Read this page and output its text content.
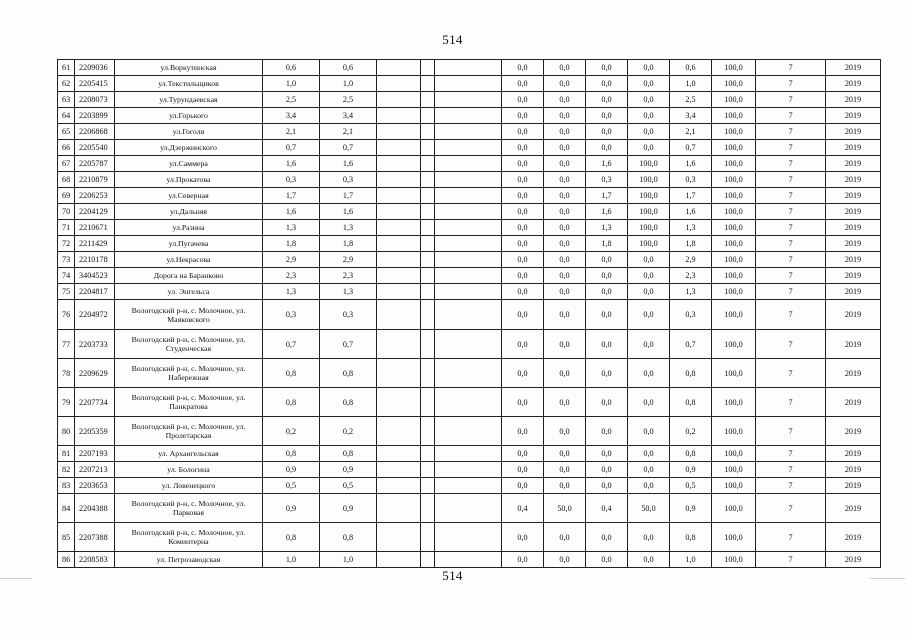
514
61	2209036	ул.Воркутинская	0,6	0,6				0,0	0,0	0,0	0,0	0,6	100,0	7	2019
62	2205415	ул.Текстильщиков	1,0	1,0				0,0	0,0	0,0	0,0	1,0	100,0	7	2019
63	2208073	ул.Турундаевская	2,5	2,5				0,0	0,0	0,0	0,0	2,5	100,0	7	2019
64	2203899	ул.Горького	3,4	3,4				0,0	0,0	0,0	0,0	3,4	100,0	7	2019
65	2206868	ул.Гоголя	2,1	2,1				0,0	0,0	0,0	0,0	2,1	100,0	7	2019
66	2205540	ул.Дзержинского	0,7	0,7				0,0	0,0	0,0	0,0	0,7	100,0	7	2019
67	2205787	ул.Саммера	1,6	1,6				0,0	0,0	1,6	100,0	1,6	100,0	7	2019
68	2210879	ул.Прокатова	0,3	0,3				0,0	0,0	0,3	100,0	0,3	100,0	7	2019
69	2206253	ул.Северная	1,7	1,7				0,0	0,0	1,7	100,0	1,7	100,0	7	2019
70	2204129	ул.Дальняя	1,6	1,6				0,0	0,0	1,6	100,0	1,6	100,0	7	2019
71	2210671	ул.Разина	1,3	1,3				0,0	0,0	1,3	100,0	1,3	100,0	7	2019
72	2211429	ул.Пугачева	1,8	1,8				0,0	0,0	1,8	100,0	1,8	100,0	7	2019
73	2210178	ул.Некрасова	2,9	2,9				0,0	0,0	0,0	0,0	2,9	100,0	7	2019
74	3404523	Дорога на Баранково	2,3	2,3				0,0	0,0	0,0	0,0	2,3	100,0	7	2019
75	2204817	ул. Энгельса	1,3	1,3				0,0	0,0	0,0	0,0	1,3	100,0	7	2019
76	2204972	Вологодский р-н, с. Молочное, ул. Маяковского	0,3	0,3				0,0	0,0	0,0	0,0	0,3	100,0	7	2019
77	2203733	Вологодский р-н, с. Молочное, ул. Студенческая	0,7	0,7				0,0	0,0	0,0	0,0	0,7	100,0	7	2019
78	2209629	Вологодский р-н, с. Молочное, ул. Набережная	0,8	0,8				0,0	0,0	0,0	0,0	0,8	100,0	7	2019
79	2207734	Вологодский р-н, с. Молочное, ул. Панкратова	0,8	0,8				0,0	0,0	0,0	0,0	0,8	100,0	7	2019
80	2205359	Вологодский р-н, с. Молочное, ул. Пролетарская	0,2	0,2				0,0	0,0	0,0	0,0	0,2	100,0	7	2019
81	2207193	ул. Архангельская	0,8	0,8				0,0	0,0	0,0	0,0	0,8	100,0	7	2019
82	2207213	ул. Бологина	0,9	0,9				0,0	0,0	0,0	0,0	0,9	100,0	7	2019
83	2203653	ул. Ловенецкого	0,5	0,5				0,0	0,0	0,0	0,0	0,5	100,0	7	2019
84	2204388	Вологодский р-н, с. Молочное, ул. Парковая	0,9	0,9				0,4	50,0	0,4	50,0	0,9	100,0	7	2019
85	2207388	Вологодский р-н, с. Молочное, ул. Коминтерна	0,8	0,8				0,0	0,0	0,0	0,0	0,8	100,0	7	2019
86	2208583	ул. Петрозаводская	1,0	1,0				0,0	0,0	0,0	0,0	1,0	100,0	7	2019
514
